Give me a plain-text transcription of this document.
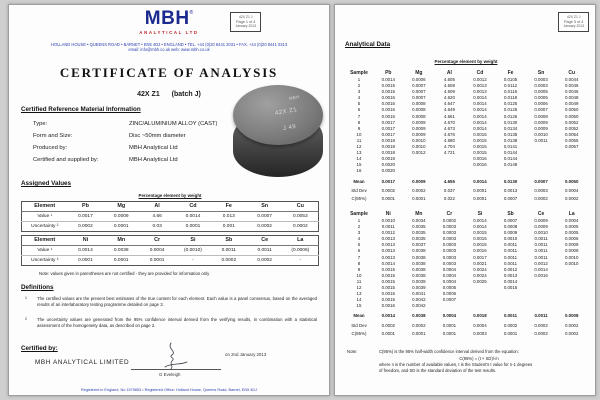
MBH®
ANALYTICAL LTD
42X Z1 J
Page 1 of 4
January 2013
HOLLAND HOUSE • QUEENS ROAD • BARNET • EN5 4DJ • ENGLAND • TEL. +44 (0)20 8441 2031 • FAX. +44 (0)20 8441 0313
email: info@mbh.co.uk web: www.mbh.co.uk
CERTIFICATE OF ANALYSIS
42X Z1 (batch J)
Certified Reference Material Information
Type:	ZINC/ALUMINIUM ALLOY (CAST)
Form and Size:	Disc ~50mm diameter
Produced by:	MBH Analytical Ltd
Certified and supplied by:	MBH Analytical Ltd
MBH
42X Z1
J 49
Assigned Values
Percentage element by weight
Element	Pb	Mg	Al	Cd	Fe	Sn	Cu
Value ¹	0.0017	0.0009	4.66	0.0014	0.013	0.0007	0.0053
Uncertainty ²	0.0002	0.0001	0.03	0.0001	0.001	0.0002	0.0002
Element	Ni	Mn	Cr	Si	Sb	Ce	La
Value ¹	0.0014	0.0038	0.0004	(0.0010)	0.0011	0.0011	(0.0006)
Uncertainty ²	0.0001	0.0001	0.0001	-	0.0002	0.0002	-
Note: values given in parentheses are not certified - they are provided for information only
Definitions
1 The certified values are the present best estimates of the true content for each element. Each value is a panel consensus, based on the averaged results of an interlaboratory testing programme detailed on page 3.
2 The uncertainty values are generated from the 95% confidence interval derived from the verifying results, in combination with a statistical assessment of the homogeneity data, as described on page 2.
Certified by:
MBH ANALYTICAL LIMITED
on 2nd January 2013
G Eveleigh
Registered in England, No 1575853 • Registered Office: Holland House, Queens Road, Barnet, EN5 4DJ
42X Z1 J
Page 3 of 4
January 2013
Analytical Data
Percentage element by weight
Sample	Pb	Mg	Al	Cd	Fe	Sn	Cu
1	0.0014	0.0006	4.605	0.0012	0.0105	0.0003	0.0044
2	0.0015	0.0007	4.608	0.0013	0.0112	0.0003	0.0046
3	0.0015	0.0007	4.609	0.0013	0.0116	0.0005	0.0046
4	0.0016	0.0007	4.620	0.0014	0.0118	0.0005	0.0048
5	0.0016	0.0008	4.647	0.0014	0.0125	0.0006	0.0049
6	0.0016	0.0008	4.649	0.0014	0.0126	0.0007	0.0050
7	0.0016	0.0008	4.661	0.0014	0.0126	0.0008	0.0050
8	0.0017	0.0009	4.670	0.0014	0.0130	0.0009	0.0052
9	0.0017	0.0009	4.673	0.0014	0.0134	0.0009	0.0052
10	0.0017	0.0009	4.676	0.0015	0.0135	0.0010	0.0054
11	0.0018	0.0010	4.680	0.0015	0.0138	0.0011	0.0055
12	0.0018	0.0010	4.704	0.0015	0.0141		0.0057
13	0.0018	0.0012	4.721	0.0015	0.0144		
14	0.0019			0.0016	0.0144		
15	0.0020			0.0016	0.0149		
16	0.0020						
Mean	0.0017	0.0009	4.655	0.0014	0.0130	0.0007	0.0050
Std Dev	0.0002	0.0002	0.037	0.0001	0.0013	0.0003	0.0004
C(95%)	0.0001	0.0001	0.022	0.0001	0.0007	0.0002	0.0002
Sample	Ni	Mn	Cr	Si	Sb	Ce	La
1	0.0010	0.0034	0.0002	0.0014	0.0007	0.0009	0.0004
2	0.0011	0.0035	0.0003	0.0014	0.0008	0.0009	0.0005
3	0.0012	0.0035	0.0003	0.0015	0.0009	0.0010	0.0005
4	0.0013	0.0035	0.0003	0.0015	0.0010	0.0011	0.0006
5	0.0013	0.0037	0.0003	0.0015	0.0011	0.0011	0.0009
6	0.0013	0.0038	0.0003	0.0016	0.0011	0.0011	0.0009
7	0.0013	0.0038	0.0003	0.0017	0.0011	0.0011	0.0010
8	0.0014	0.0038	0.0003	0.0021	0.0011	0.0012	0.0010
9	0.0015	0.0038	0.0004	0.0024	0.0012	0.0014	
10	0.0015	0.0038	0.0004	0.0024	0.0013	0.0016	
11	0.0015	0.0039	0.0004	0.0025	0.0014		
12	0.0015	0.0039	0.0005		0.0015		
13	0.0015	0.0041	0.0006				
14	0.0015	0.0042	0.0007				
15	0.0016	0.0042					
Mean	0.0014	0.0038	0.0004	0.0018	0.0011	0.0011	0.0008
Std Dev	0.0002	0.0002	0.0001	0.0004	0.0002	0.0002	0.0002
C(95%)	0.0001	0.0001	0.0001	0.0003	0.0001	0.0002	0.0002
Note:	C(95%) is the 95% half-width confidence interval derived from the equation:
C(95%) = (t × SD)/√n
where n is the number of available values, t is the Student's t value for n-1 degrees
of freedom, and SD is the standard deviation of the test results.
